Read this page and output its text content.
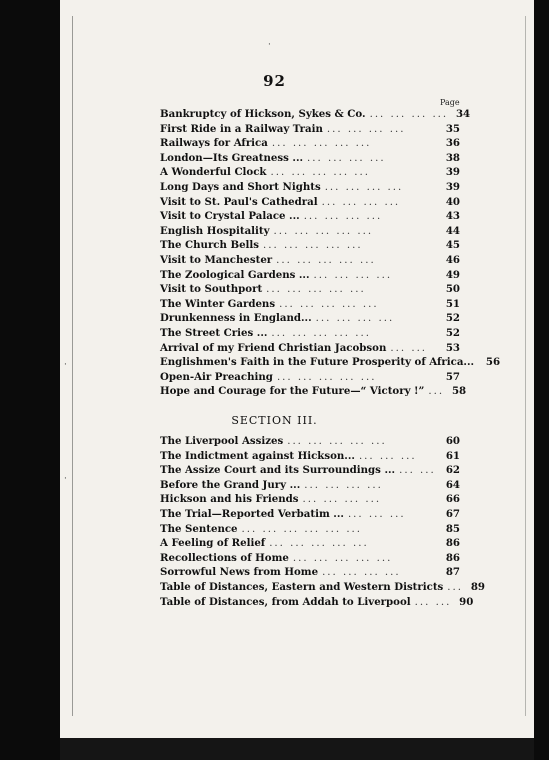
·
·
·
92
Page
Bankruptcy of Hickson, Sykes & Co. ... ... ... ... 34
First Ride in a Railway Train ... ... ... ...	35
Railways for Africa ... ... ... ... ...	36
London—Its Greatness ... ... ... ... ...	38
A Wonderful Clock ... ... ... ... ...	39
Long Days and Short Nights ... ... ... ...	39
Visit to St. Paul's Cathedral ... ... ... ...	40
Visit to Crystal Palace ... ... ... ... ...	43
English Hospitality ... ... ... ... ...	44
The Church Bells ... ... ... ... ...	45
Visit to Manchester ... ... ... ... ...	46
The Zoological Gardens ... ... ... ... ...	49
Visit to Southport ... ... ... ... ...	50
The Winter Gardens ... ... ... ... ...	51
Drunkenness in England... ... ... ... ...	52
The Street Cries ... ... ... ... ... ...	52
Arrival of my Friend Christian Jacobson ... ...	53
Englishmen's Faith in the Future Prosperity of Africa...	56
Open-Air Preaching ... ... ... ... ...	57
Hope and Courage for the Future—“ Victory !” ... 58
SECTION III.
The Liverpool Assizes ... ... ... ... ...	60
The Indictment against Hickson... ... ... ...	61
The Assize Court and its Surroundings ... ... ... 62
Before the Grand Jury ... ... ... ... ...	64
Hickson and his Friends ... ... ... ...	66
The Trial—Reported Verbatim ... ... ... ...	67
The Sentence ... ... ... ... ... ...	85
A Feeling of Relief ... ... ... ... ...	86
Recollections of Home ... ... ... ... ...	86
Sorrowful News from Home ... ... ... ...	87
Table of Distances, Eastern and Western Districts ... 89
Table of Distances, from Addah to Liverpool ... ... 90
